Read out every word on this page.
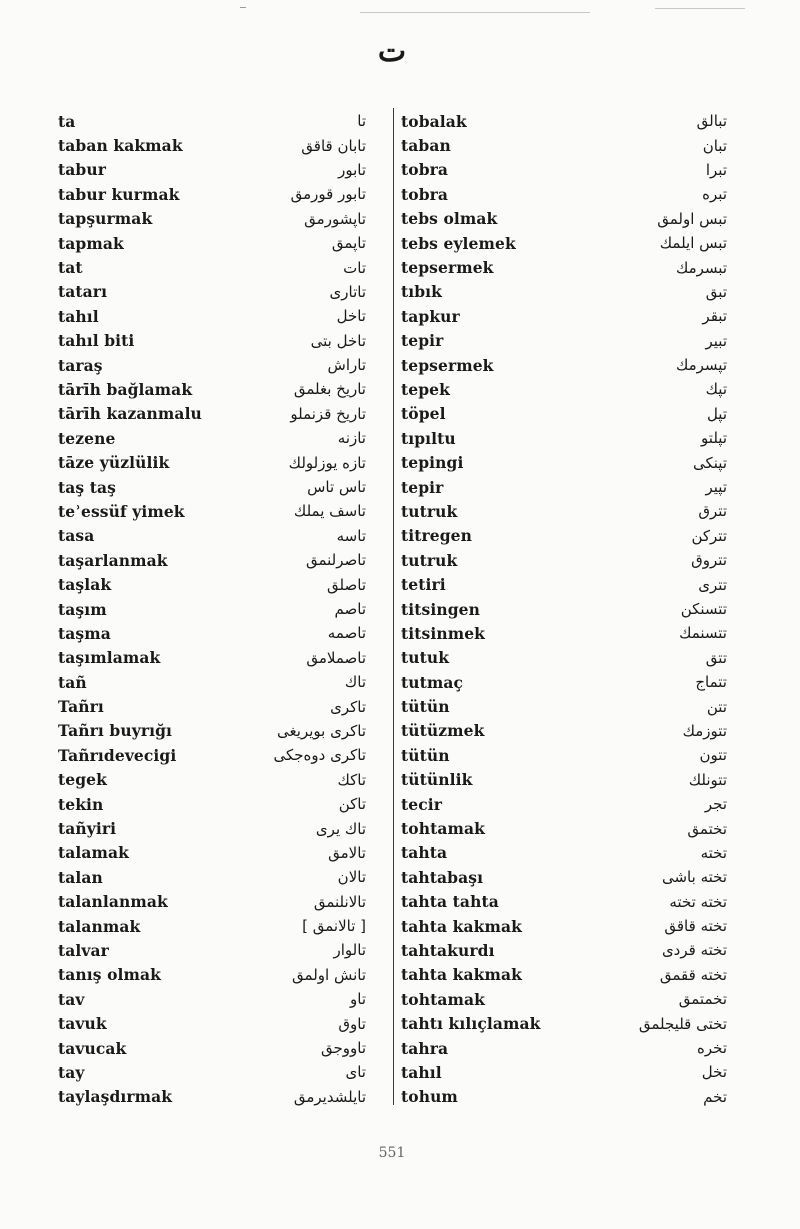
ت
ta	تا
taban kakmak	تابان قاقق
tabur	تابور
tabur kurmak	تابور قورمق
tapşurmak	تاپشورمق
tapmak	تاپمق
tat	تات
tatarı	تاتاری
tahıl	تاخل
tahıl biti	تاخل بتی
taraş	تاراش
tārīh bağlamak	تاریخ بغلمق
tārīh kazanmalu	تاریخ قزنملو
tezene	تازنه
tāze yüzlülik	تازه یوزلولك
taş taş	تاس تاس
teʾessüf yimek	تاسف يملك
tasa	تاسه
taşarlanmak	تاصرلنمق
taşlak	تاصلق
taşım	تاصم
taşma	تاصمه
taşımlamak	تاصملامق
tañ	تاك
Tañrı	تاكری
Tañrı buyrığı	تاكری بویریغی
Tañrıdevecigi	تاكری دوه‌جكی
tegek	تاكك
tekin	تاكن
tañyiri	تاك یری
talamak	تالامق
talan	تالان
talanlanmak	تالانلنمق
talanmak	[ تالانمق ]
talvar	تالوار
tanış olmak	تانش اولمق
tav	تاو
tavuk	تاوق
tavucak	تاووجق
tay	تای
taylaşdırmak	تایلشدیرمق
tobalak	تبالق
taban	تبان
tobra	تبرا
tobra	تبره
tebs olmak	تبس اولمق
tebs eylemek	تبس ایلمك
tepsermek	تبسرمك
tıbık	تبق
tapkur	تبقر
tepir	تبیر
tepsermek	تپسرمك
tepek	تپك
töpel	تپل
tıpıltu	تپلتو
tepingi	تپنكی
tepir	تپیر
tutruk	تترق
titregen	تترکن
tutruk	تتروق
tetiri	تتری
titsingen	تتسنكن
titsinmek	تتسنمك
tutuk	تتق
tutmaç	تتماج
tütün	تتن
tütüzmek	تتوزمك
tütün	تتون
tütünlik	تتونلك
tecir	تجر
tohtamak	تختمق
tahta	تخته
tahtabaşı	تخته باشی
tahta tahta	تخته تخته
tahta kakmak	تخته قاقق
tahtakurdı	تخته قردی
tahta kakmak	تخته ققمق
tohtamak	تخمتمق
tahtı kılıçlamak	تختی قلیجلمق
tahra	تخره
tahıl	تخل
tohum	تخم
551
